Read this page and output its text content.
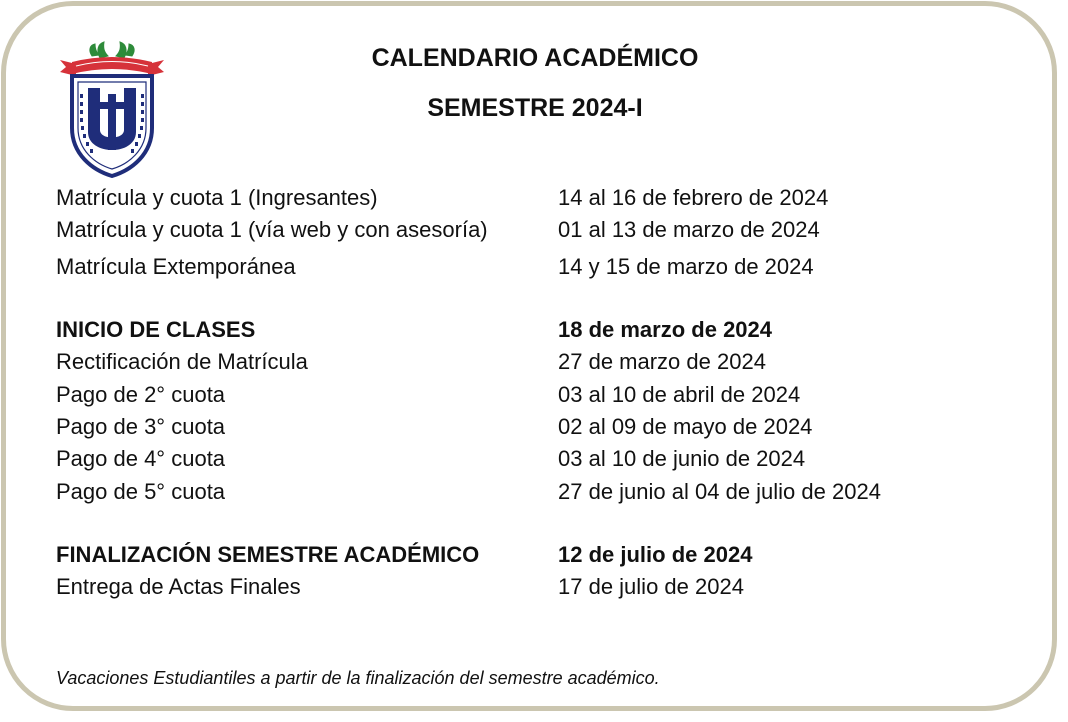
CALENDARIO ACADÉMICO
SEMESTRE 2024-I
Matrícula y cuota 1 (Ingresantes)	14 al 16 de febrero de 2024
Matrícula y cuota 1 (vía web y con asesoría)	01 al 13 de marzo de 2024
Matrícula Extemporánea	14 y 15 de marzo de 2024
INICIO DE CLASES	18 de marzo de 2024
Rectificación de Matrícula	27 de marzo de 2024
Pago de 2° cuota	03 al 10 de abril de 2024
Pago de 3° cuota	02 al 09 de mayo de 2024
Pago de 4° cuota	03 al 10 de junio de 2024
Pago de 5° cuota	27 de junio al 04 de julio de 2024
FINALIZACIÓN SEMESTRE ACADÉMICO	12 de julio de 2024
Entrega de Actas Finales	17 de julio de 2024
Vacaciones Estudiantiles a partir de la finalización del semestre académico.
